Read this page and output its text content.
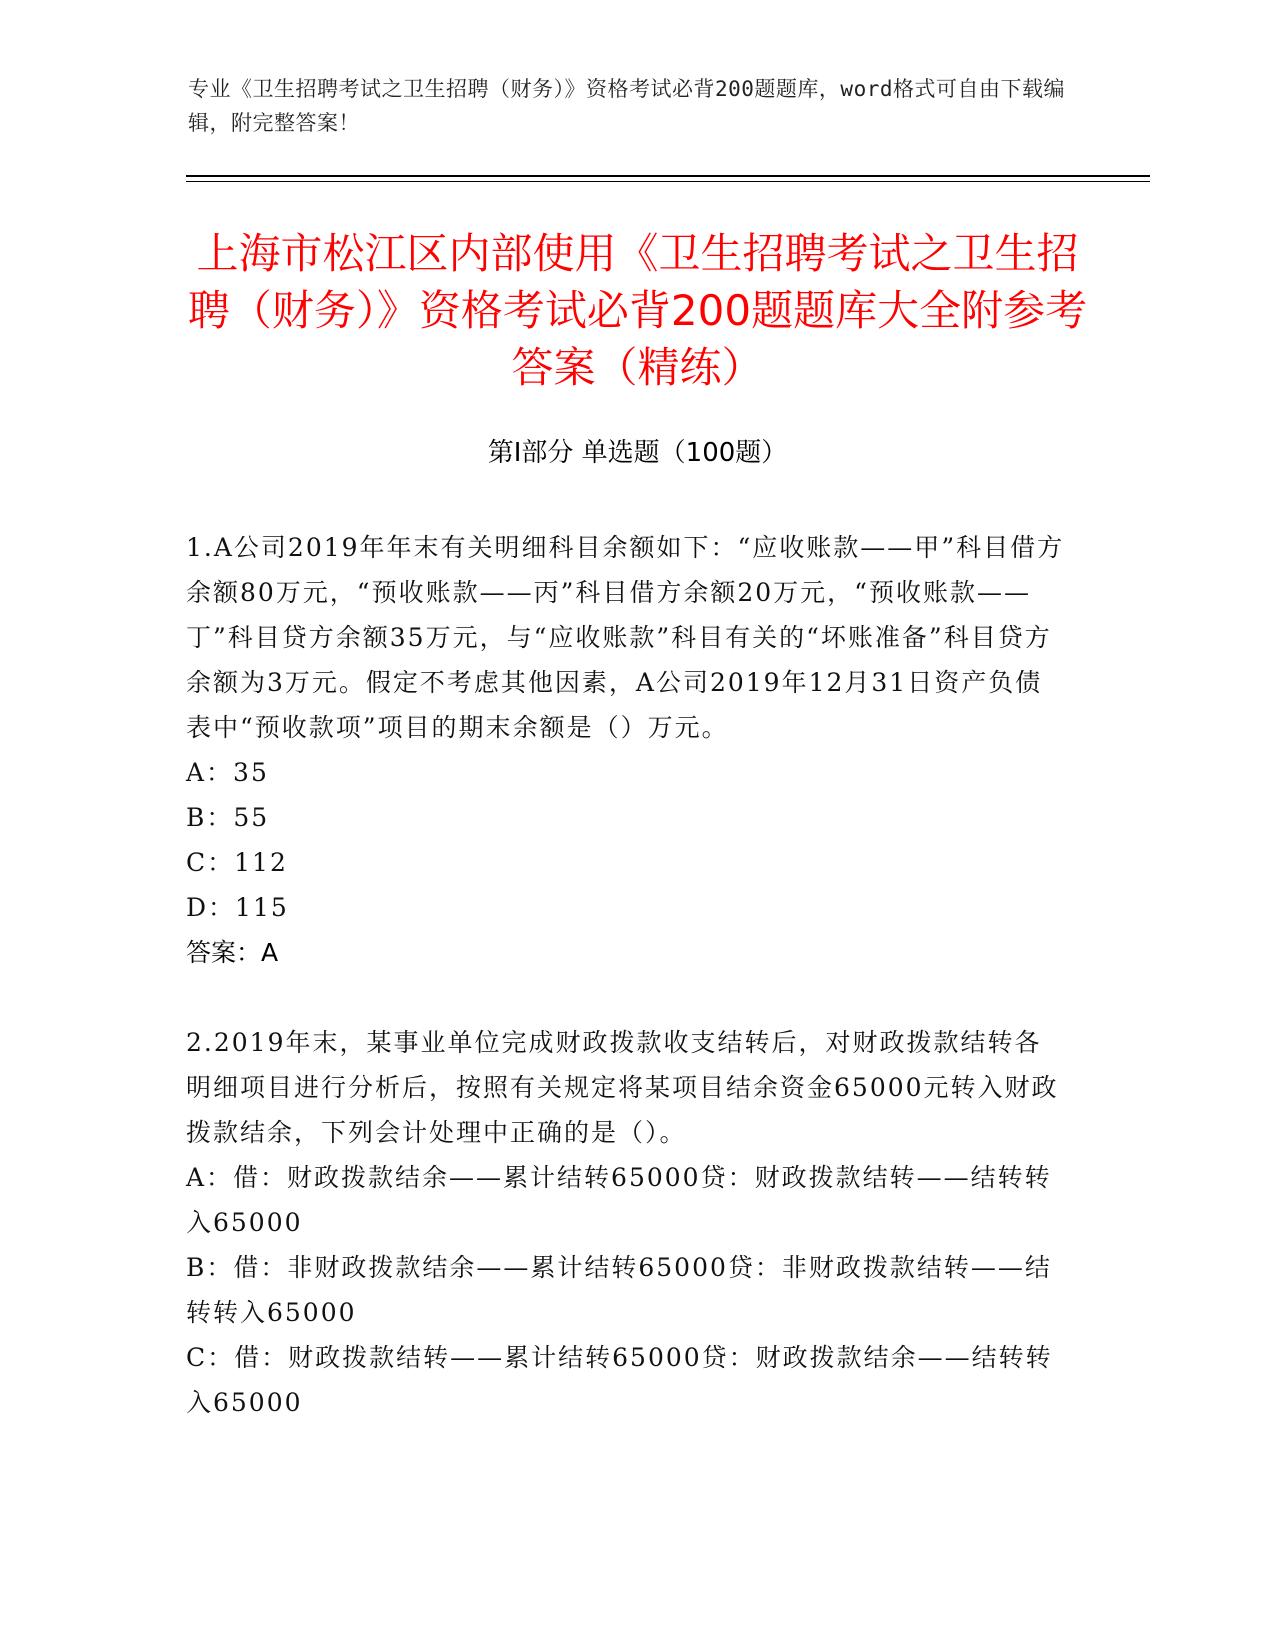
专业《卫生招聘考试之卫生招聘（财务）》资格考试必背200题题库，word格式可自由下载编辑，附完整答案！
上海市松江区内部使用《卫生招聘考试之卫生招聘（财务）》资格考试必背200题题库大全附参考答案（精练）
第Ⅰ部分 单选题（100题）

1.A公司2019年年末有关明细科目余额如下：“应收账款——甲”科目借方余额80万元，“预收账款——丙”科目借方余额20万元，“预收账款——丁”科目贷方余额35万元，与“应收账款”科目有关的“坏账准备”科目贷方余额为3万元。假定不考虑其他因素，A公司2019年12月31日资产负债表中“预收款项”项目的期末余额是（）万元。

A：35

B：55

C：112

D：115

答案：A

2.2019年末，某事业单位完成财政拨款收支结转后，对财政拨款结转各明细项目进行分析后，按照有关规定将某项目结余资金65000元转入财政拨款结余，下列会计处理中正确的是（）。

A：借：财政拨款结余——累计结转65000贷：财政拨款结转——结转转入65000

B：借：非财政拨款结余——累计结转65000贷：非财政拨款结转——结转转入65000

C：借：财政拨款结转——累计结转65000贷：财政拨款结余——结转转入65000
